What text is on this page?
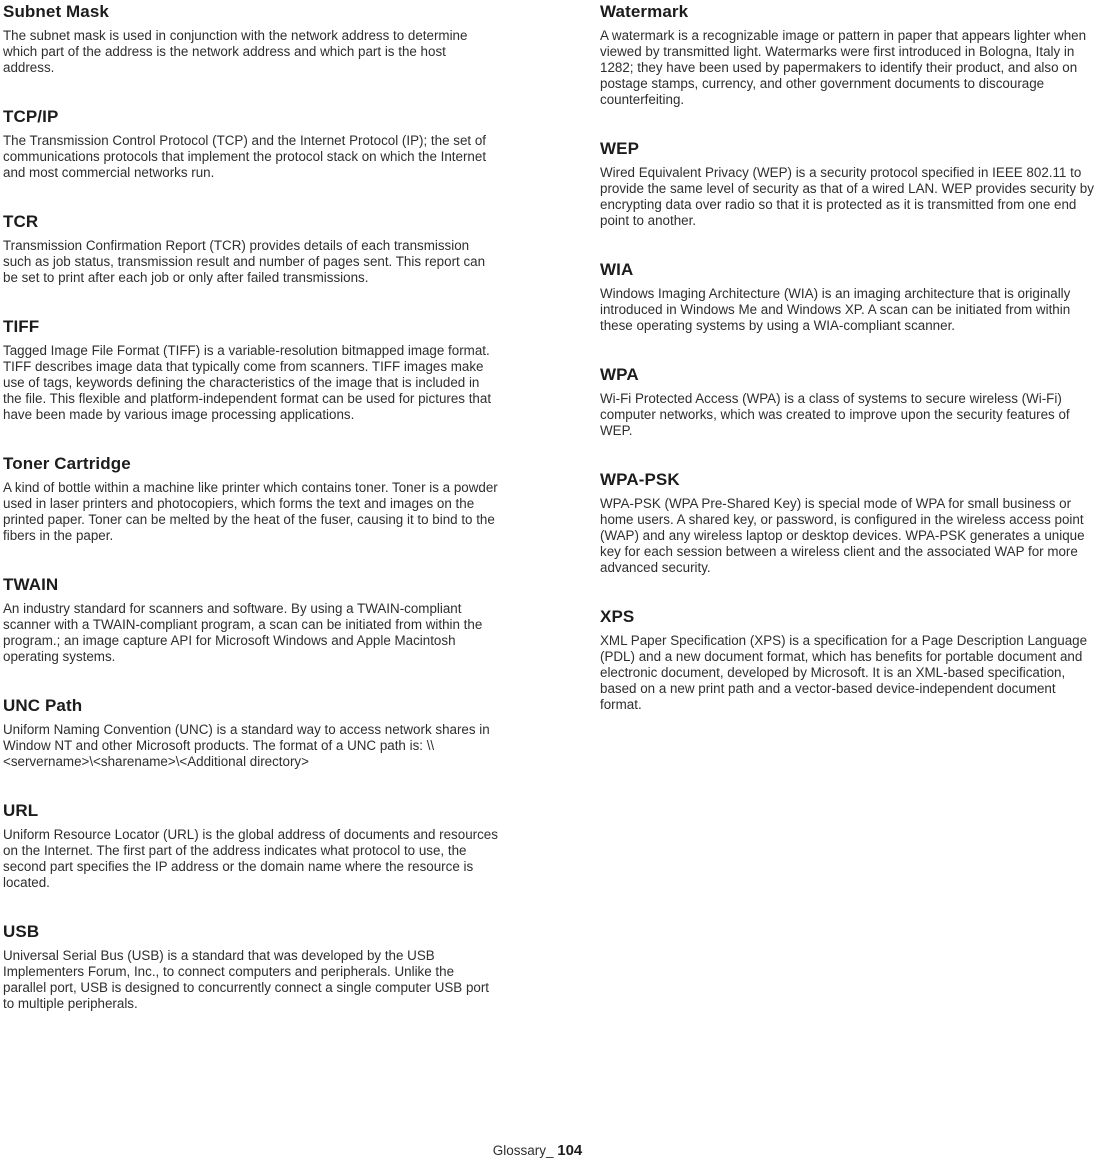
Subnet Mask

The subnet mask is used in conjunction with the network address to determine which part of the address is the network address and which part is the host address.

TCP/IP

The Transmission Control Protocol (TCP) and the Internet Protocol (IP); the set of communications protocols that implement the protocol stack on which the Internet and most commercial networks run.

TCR

Transmission Confirmation Report (TCR) provides details of each transmission such as job status, transmission result and number of pages sent. This report can be set to print after each job or only after failed transmissions.

TIFF

Tagged Image File Format (TIFF) is a variable-resolution bitmapped image format. TIFF describes image data that typically come from scanners. TIFF images make use of tags, keywords defining the characteristics of the image that is included in the file. This flexible and platform-independent format can be used for pictures that have been made by various image processing applications.

Toner Cartridge

A kind of bottle within a machine like printer which contains toner. Toner is a powder used in laser printers and photocopiers, which forms the text and images on the printed paper. Toner can be melted by the heat of the fuser, causing it to bind to the fibers in the paper.

TWAIN

An industry standard for scanners and software. By using a TWAIN-compliant scanner with a TWAIN-compliant program, a scan can be initiated from within the program.; an image capture API for Microsoft Windows and Apple Macintosh operating systems.

UNC Path

Uniform Naming Convention (UNC) is a standard way to access network shares in Window NT and other Microsoft products. The format of a UNC path is: \\<servername>\<sharename>\<Additional directory>

URL

Uniform Resource Locator (URL) is the global address of documents and resources on the Internet. The first part of the address indicates what protocol to use, the second part specifies the IP address or the domain name where the resource is located.

USB

Universal Serial Bus (USB) is a standard that was developed by the USB Implementers Forum, Inc., to connect computers and peripherals. Unlike the parallel port, USB is designed to concurrently connect a single computer USB port to multiple peripherals.

Watermark

A watermark is a recognizable image or pattern in paper that appears lighter when viewed by transmitted light. Watermarks were first introduced in Bologna, Italy in 1282; they have been used by papermakers to identify their product, and also on postage stamps, currency, and other government documents to discourage counterfeiting.

WEP

Wired Equivalent Privacy (WEP) is a security protocol specified in IEEE 802.11 to provide the same level of security as that of a wired LAN. WEP provides security by encrypting data over radio so that it is protected as it is transmitted from one end point to another.

WIA

Windows Imaging Architecture (WIA) is an imaging architecture that is originally introduced in Windows Me and Windows XP. A scan can be initiated from within these operating systems by using a WIA-compliant scanner.

WPA

Wi-Fi Protected Access (WPA) is a class of systems to secure wireless (Wi-Fi) computer networks, which was created to improve upon the security features of WEP.

WPA-PSK

WPA-PSK (WPA Pre-Shared Key) is special mode of WPA for small business or home users. A shared key, or password, is configured in the wireless access point (WAP) and any wireless laptop or desktop devices. WPA-PSK generates a unique key for each session between a wireless client and the associated WAP for more advanced security.

XPS

XML Paper Specification (XPS) is a specification for a Page Description Language (PDL) and a new document format, which has benefits for portable document and electronic document, developed by Microsoft. It is an XML-based specification, based on a new print path and a vector-based device-independent document format.

Glossary_ 104
